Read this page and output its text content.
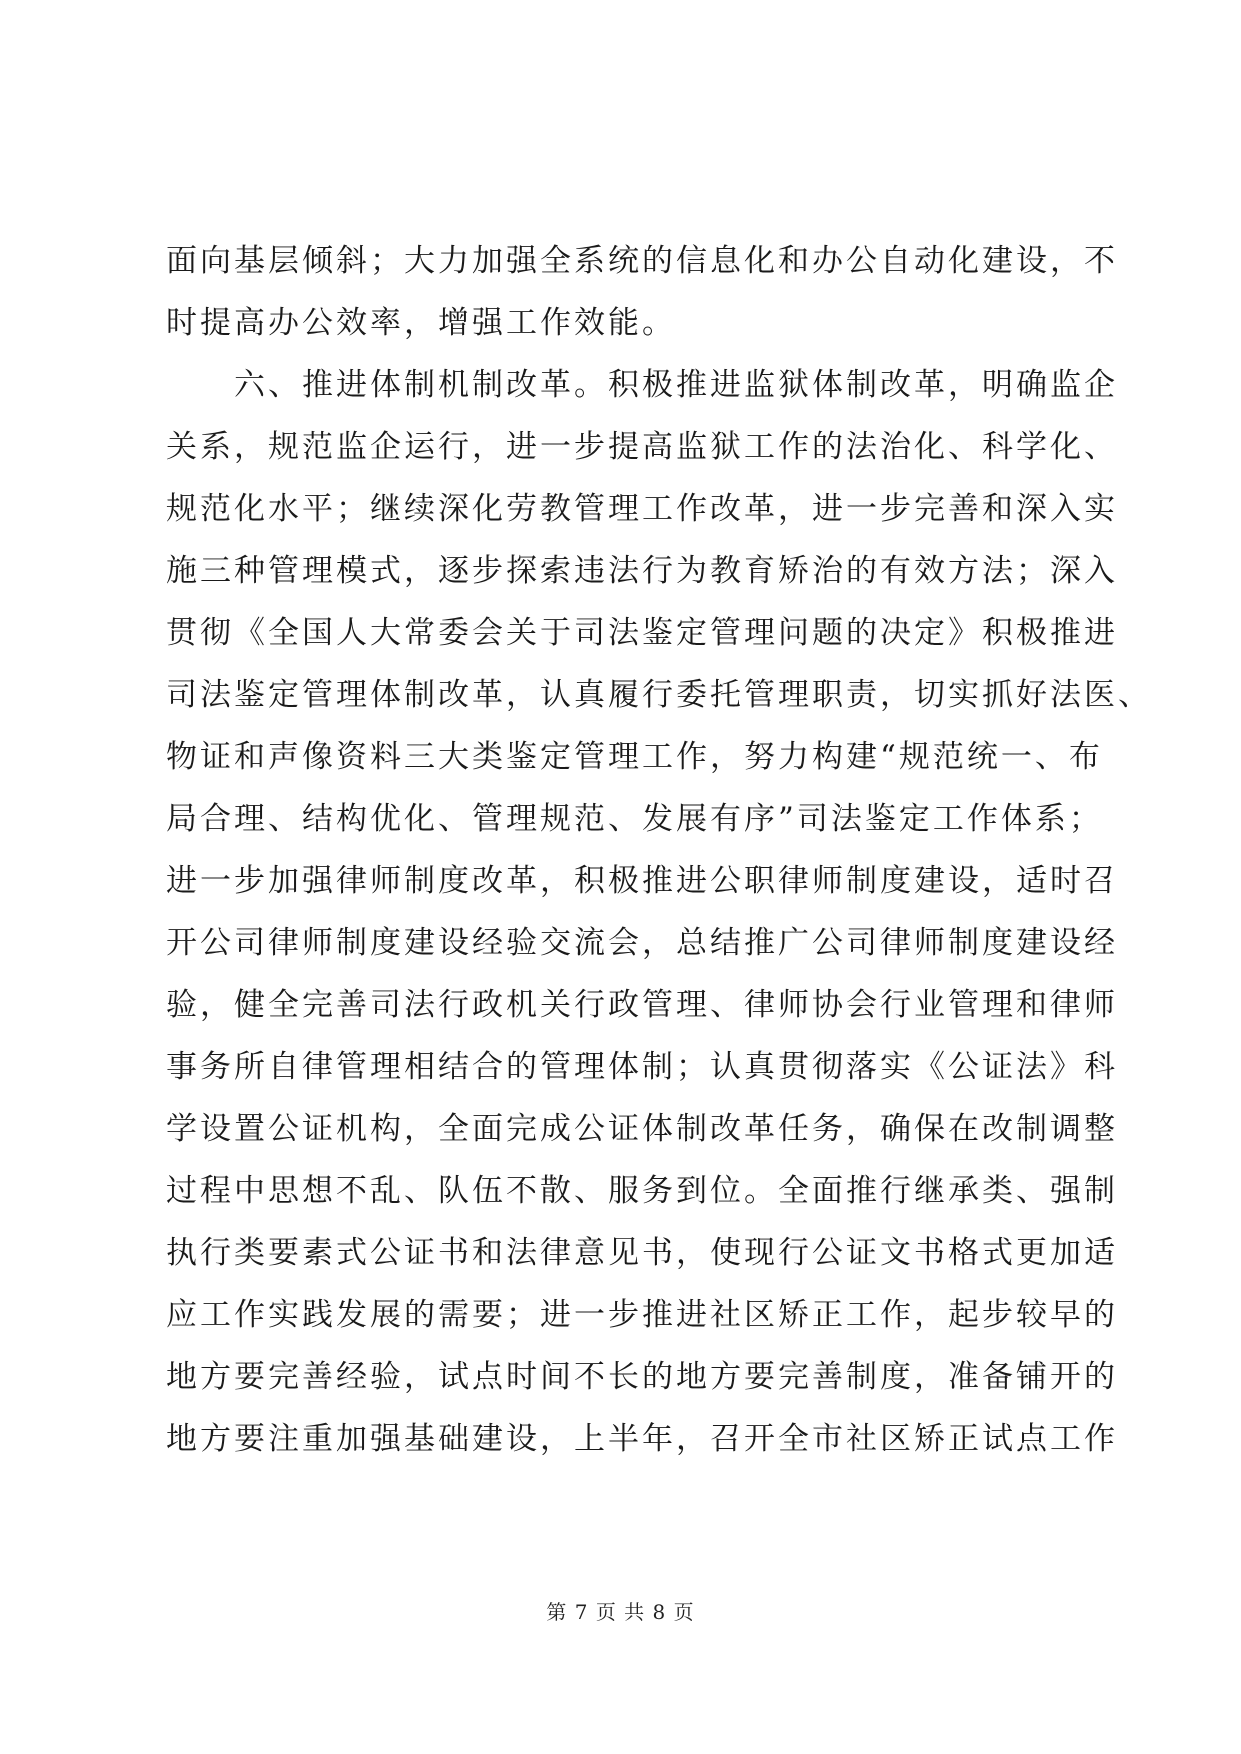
面向基层倾斜；大力加强全系统的信息化和办公自动化建设，不
时提高办公效率，增强工作效能。
　　六、推进体制机制改革。积极推进监狱体制改革，明确监企
关系，规范监企运行，进一步提高监狱工作的法治化、科学化、
规范化水平；继续深化劳教管理工作改革，进一步完善和深入实
施三种管理模式，逐步探索违法行为教育矫治的有效方法；深入
贯彻《全国人大常委会关于司法鉴定管理问题的决定》积极推进
司法鉴定管理体制改革，认真履行委托管理职责，切实抓好法医、
物证和声像资料三大类鉴定管理工作，努力构建“规范统一、布
局合理、结构优化、管理规范、发展有序”司法鉴定工作体系；
进一步加强律师制度改革，积极推进公职律师制度建设，适时召
开公司律师制度建设经验交流会，总结推广公司律师制度建设经
验，健全完善司法行政机关行政管理、律师协会行业管理和律师
事务所自律管理相结合的管理体制；认真贯彻落实《公证法》科
学设置公证机构，全面完成公证体制改革任务，确保在改制调整
过程中思想不乱、队伍不散、服务到位。全面推行继承类、强制
执行类要素式公证书和法律意见书，使现行公证文书格式更加适
应工作实践发展的需要；进一步推进社区矫正工作，起步较早的
地方要完善经验，试点时间不长的地方要完善制度，准备铺开的
地方要注重加强基础建设，上半年，召开全市社区矫正试点工作
第 7 页 共 8 页
